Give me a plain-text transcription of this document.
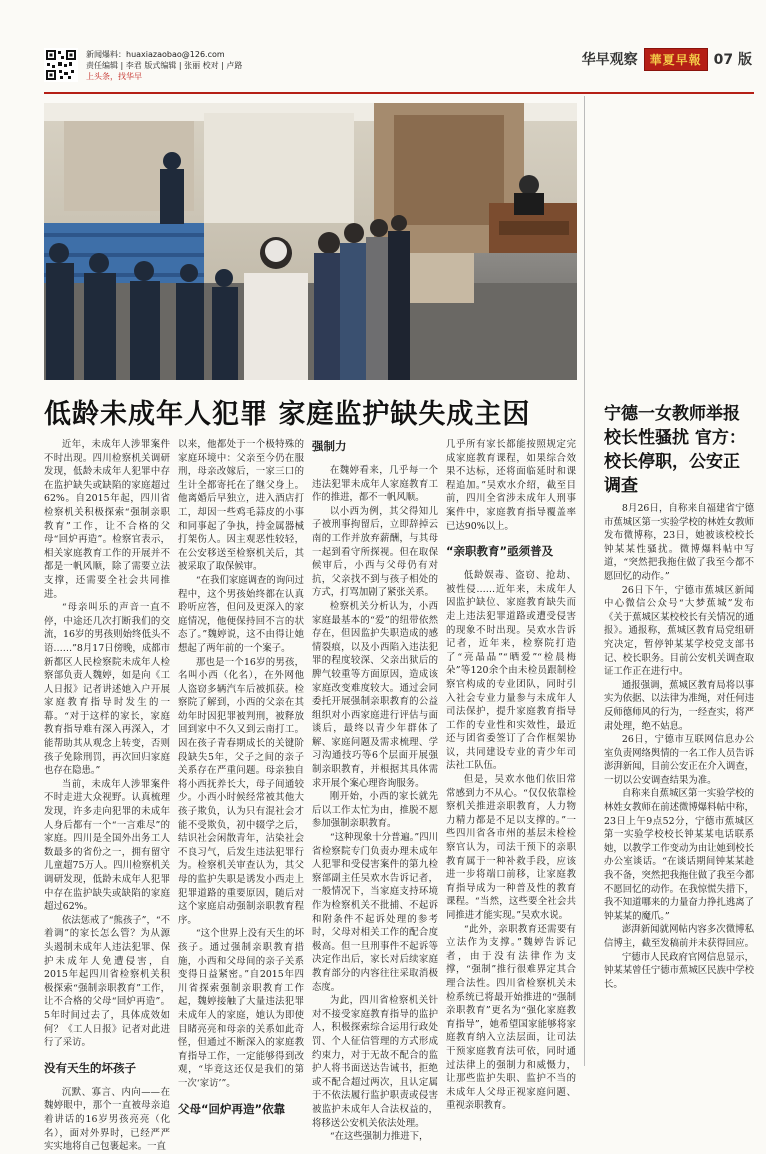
新闻爆料：huaxiazaobao@126.com
责任编辑 | 李君 版式编辑 | 张丽 校对 | 卢路
上头条，找华早
华早观察	華夏早報 07 版
低龄未成年人犯罪 家庭监护缺失成主因	宁德一女教师举报校长性骚扰 官方：校长停职，公安正调查

近年，未成年人涉罪案件不时出现。四川检察机关调研发现，低龄未成年人犯罪中存在监护缺失或缺陷的家庭超过62%。自2015年起，四川省检察机关积极探索“强制亲职教育”工作，让不合格的父母“回炉再造”。检察官表示，相关家庭教育工作的开展并不都是一帆风顺，除了需要立法支撑，还需要全社会共同推进。

“母亲叫乐的声音一直不停，中途还几次打断我们的交流，16岁的男孩则始终低头不语……”8月17日傍晚，成都市新都区人民检察院未成年人检察部负责人魏婷，如是向《工人日报》记者讲述她入户开展家庭教育指导时发生的一幕。“对于这样的家长，家庭教育指导难有深入再深入，才能帮助其从观念上转变，否则孩子免除刑罚，再次回归家庭也存在隐患。”

当前，未成年人涉罪案件不时走进大众视野。认真梳理发现，许多走向犯罪的未成年人身后都有一个“一言难尽”的家庭。四川是全国外出务工人数最多的省份之一，拥有留守儿童超75万人。四川检察机关调研发现，低龄未成年人犯罪中存在监护缺失或缺陷的家庭超过62%。

依法惩戒了“熊孩子”，“不着调”的家长怎么管？为从源头遏制未成年人违法犯罪、保护未成年人免遭侵害，自2015年起四川省检察机关积极探索“强制亲职教育”工作，让不合格的父母“回炉再造”。5年时间过去了，具体成效如何？《工人日报》记者对此进行了采访。

没有天生的坏孩子

沉默、寡言、内向——在魏婷眼中，那个一直被母亲追着讲话的16岁男孩亮亮（化名），面对外界时，已经严严实实地将自己包裹起来。一直

以来，他都处于一个极特殊的家庭环境中：父亲至今仍在服刑，母亲改嫁后，一家三口的生计全都寄托在了继父身上。他离婚后早独立，进入酒店打工，却因一些鸡毛蒜皮的小事和同事起了争执，持金属器械打架伤人。因主观恶性较轻，在公安移送至检察机关后，其被采取了取保候审。

“在我们家庭调查的询问过程中，这个男孩始终都在认真聆听应答，但问及更深入的家庭情况，他便保持回不言的状态了。”魏婷说，这不由得让她想起了两年前的一个案子。

那也是一个16岁的男孩，名叫小西（化名），在外网他人盗窃多辆汽车后被抓获。检察院了解到，小西的父亲在其幼年时因犯罪被判刑，被释放回到家中不久又到云南打工。因在孩子青春期成长的关键阶段缺失5年，父子之间的亲子关系存在严重问题。母亲独自将小西抚养长大，母子间通较少。小西小时候经常被其他大孩子欺负，认为只有混社会才能不受欺负，初中辍学之后，结识社会闲散青年，沾染社会不良习气，后发生违法犯罪行为。检察机关审查认为，其父母的监护失职是诱发小西走上犯罪道路的重要原因，随后对这个家庭启动强制亲职教育程序。

“这个世界上没有天生的坏孩子。通过强制亲职教育措施，小西和父母间的亲子关系变得日益紧密。”自2015年四川省探索强制亲职教育工作起，魏婷接触了大量违法犯罪未成年人的家庭，她认为即使目睹亮亮和母亲的关系如此奇怪，但通过不断深入的家庭教育指导工作，一定能够得到改观，“毕竟这还仅是我们的第一次‘家访’”。

父母“回炉再造”依靠

强制力

在魏婷看来，几乎每一个违法犯罪未成年人家庭教育工作的推进，都不一帆风顺。

以小西为例，其父得知儿子被刑事拘留后，立即辞掉云南的工作并放弃薪酬，与其母一起到看守所探视。但在取保候审后，小西与父母仍有对抗，父亲找不到与孩子相处的方式，打骂加剧了紧张关系。

检察机关分析认为，小西家庭最基本的“爱”的纽带依然存在，但因监护失职造成的感情裂痕，以及小西陷入违法犯罪的程度较深、父亲出狱后的脾气较重等方面原因，造成该家庭改变难度较大。通过会同委托开展强制亲职教育的公益组织对小西家庭进行评估与面谈后，最终以青少年群体了解、家庭问题及需求梳理、学习沟通技巧等6个层面开展强制亲职教育，并根据其具体需求开展个案心理咨询服务。

刚开始，小西的家长就先后以工作太忙为由，推脱不愿参加强制亲职教育。

“这种现象十分普遍。”四川省检察院专门负责办理未成年人犯罪和受侵害案件的第九检察部副主任吴欢水告诉记者，一般情况下，当家庭支持环境作为检察机关不批捕、不起诉和附条件不起诉处理的参考时，父母对相关工作的配合度极高。但一旦刑事件不起诉等决定作出后，家长对后续家庭教育部分的内容往往采取消极态度。

为此，四川省检察机关针对不接受家庭教育指导的监护人，积极探索综合运用行政处罚、个人征信管理的方式形成约束力，对于无故不配合的监护人将书面送达告诫书，拒绝或不配合超过两次，且认定属于不依法履行监护职责或侵害被监护未成年人合法权益的，将移送公安机关依法处理。

“在这些强制力推进下，

几乎所有家长都能按照规定完成家庭教育课程，如果综合效果不达标，还将面临延时和课程追加。”吴欢水介绍，截至目前，四川全省涉未成年人刑事案件中，家庭教育指导覆盖率已达90%以上。

“亲职教育”亟须普及

低龄娱毒、盗窃、抢劫、被性侵……近年来，未成年人因监护缺位、家庭教育缺失而走上违法犯罪道路或遭受侵害的现象不时出现。吴欢水告诉记者，近年来，检察院打造了“亮晶晶”“晒爱”“检晨梅朵”等120余个由未检员跟制检察官构成的专业团队，同时引入社会专业力量参与未成年人司法保护，提升家庭教育指导工作的专业性和实效性，最近还与团省委签订了合作框架协议，共同建设专业的青少年司法社工队伍。

但是，吴欢水他们依旧常常感到力不从心。“仅仅依靠检察机关推进亲职教育，人力物力精力都是不足以支撑的。”一些四川省各市州的基层未检检察官认为，司法干预下的亲职教育属于一种补救手段，应该进一步将端口前移，让家庭教育指导成为一种普及性的教育课程。“当然，这些要全社会共同推进才能实现。”吴欢水说。

“此外，亲职教育还需要有立法作为支撑。”魏婷告诉记者，由于没有法律作为支撑，“强制”推行很难界定其合理合法性。四川省检察机关未检系统已将最开始推进的“强制亲职教育”更名为“强化家庭教育指导”，她希望国家能够将家庭教育纳入立法层面，让司法干预家庭教育法可依，同时通过法律上的强制力和威慑力，让那些监护失职、监护不当的未成年人父母正视家庭问题、重视亲职教育。

8月26日，自称来自福建省宁德市蕉城区第一实验学校的林姓女教师发布微博称，23日，她被该校校长钟某某性骚扰。微博爆料帖中写道，“突然把我拖住做了我至今都不愿回忆的动作。”

26日下午，宁德市蕉城区新闻中心微信公众号“大梦蕉城”发布《关于蕉城区某校校长有关情况的通报》。通报称，蕉城区教育局党组研究决定，暂停钟某某学校党支部书记、校长职务。目前公安机关调查取证工作正在进行中。

通报强调，蕉城区教育局将以事实为依据、以法律为准绳，对任何违反师德师风的行为，一经查实，将严肃处理，绝不姑息。

26日，宁德市互联网信息办公室负责网络舆情的一名工作人员告诉澎湃新闻，目前公安正在介入调查，一切以公安调查结果为准。

自称来自蕉城区第一实验学校的林姓女教师在前述微博爆料帖中称，23日上午9点52分，宁德市蕉城区第一实验学校校长钟某某电话联系她，以教学工作变动为由让她到校长办公室谈话。“在谈话期间钟某某趁我不备，突然把我拖住做了我至今都不愿回忆的动作。在我惊慌失措下，我不知道哪来的力量奋力挣扎逃离了钟某某的魔爪。”

澎湃新闻就网帖内容多次微博私信博主，截至发稿前并未获得回应。

宁德市人民政府官网信息显示，钟某某曾任宁德市蕉城区民族中学校长。
